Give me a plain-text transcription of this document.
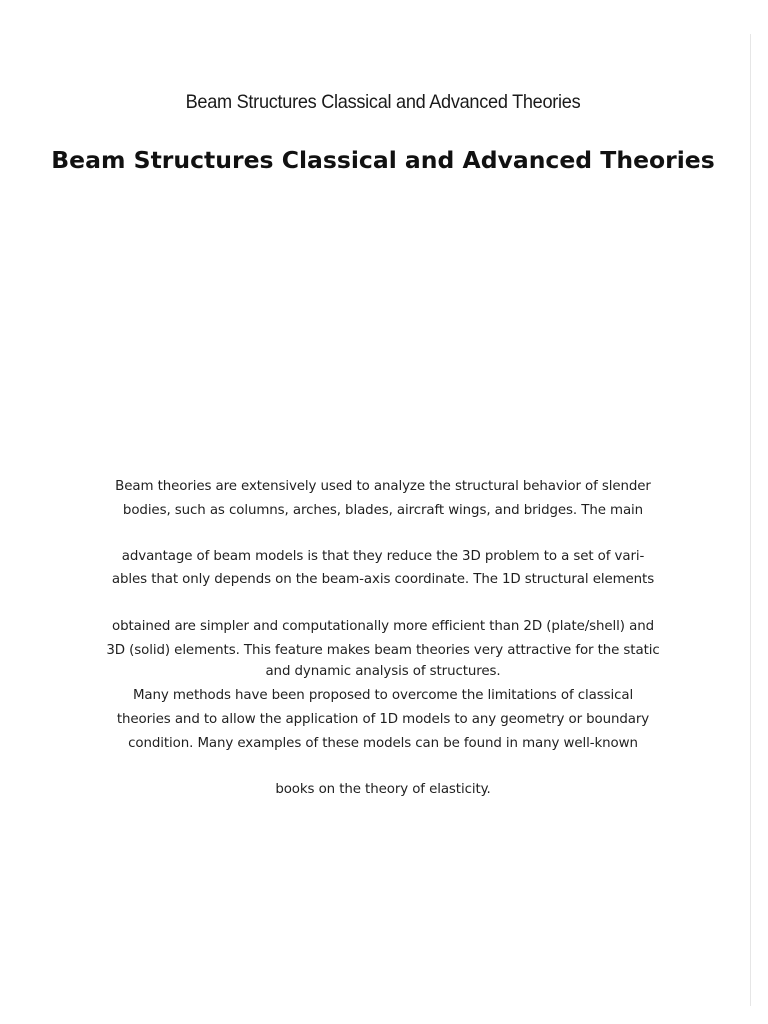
Beam Structures Classical and Advanced Theories
Beam Structures Classical and Advanced Theories
Beam theories are extensively used to analyze the structural behavior of slender
bodies, such as columns, arches, blades, aircraft wings, and bridges. The main
advantage of beam models is that they reduce the 3D problem to a set of vari-
ables that only depends on the beam-axis coordinate. The 1D structural elements
obtained are simpler and computationally more efficient than 2D (plate/shell) and
3D (solid) elements. This feature makes beam theories very attractive for the static
and dynamic analysis of structures.
Many methods have been proposed to overcome the limitations of classical
theories and to allow the application of 1D models to any geometry or boundary
condition. Many examples of these models can be found in many well-known
books on the theory of elasticity.
